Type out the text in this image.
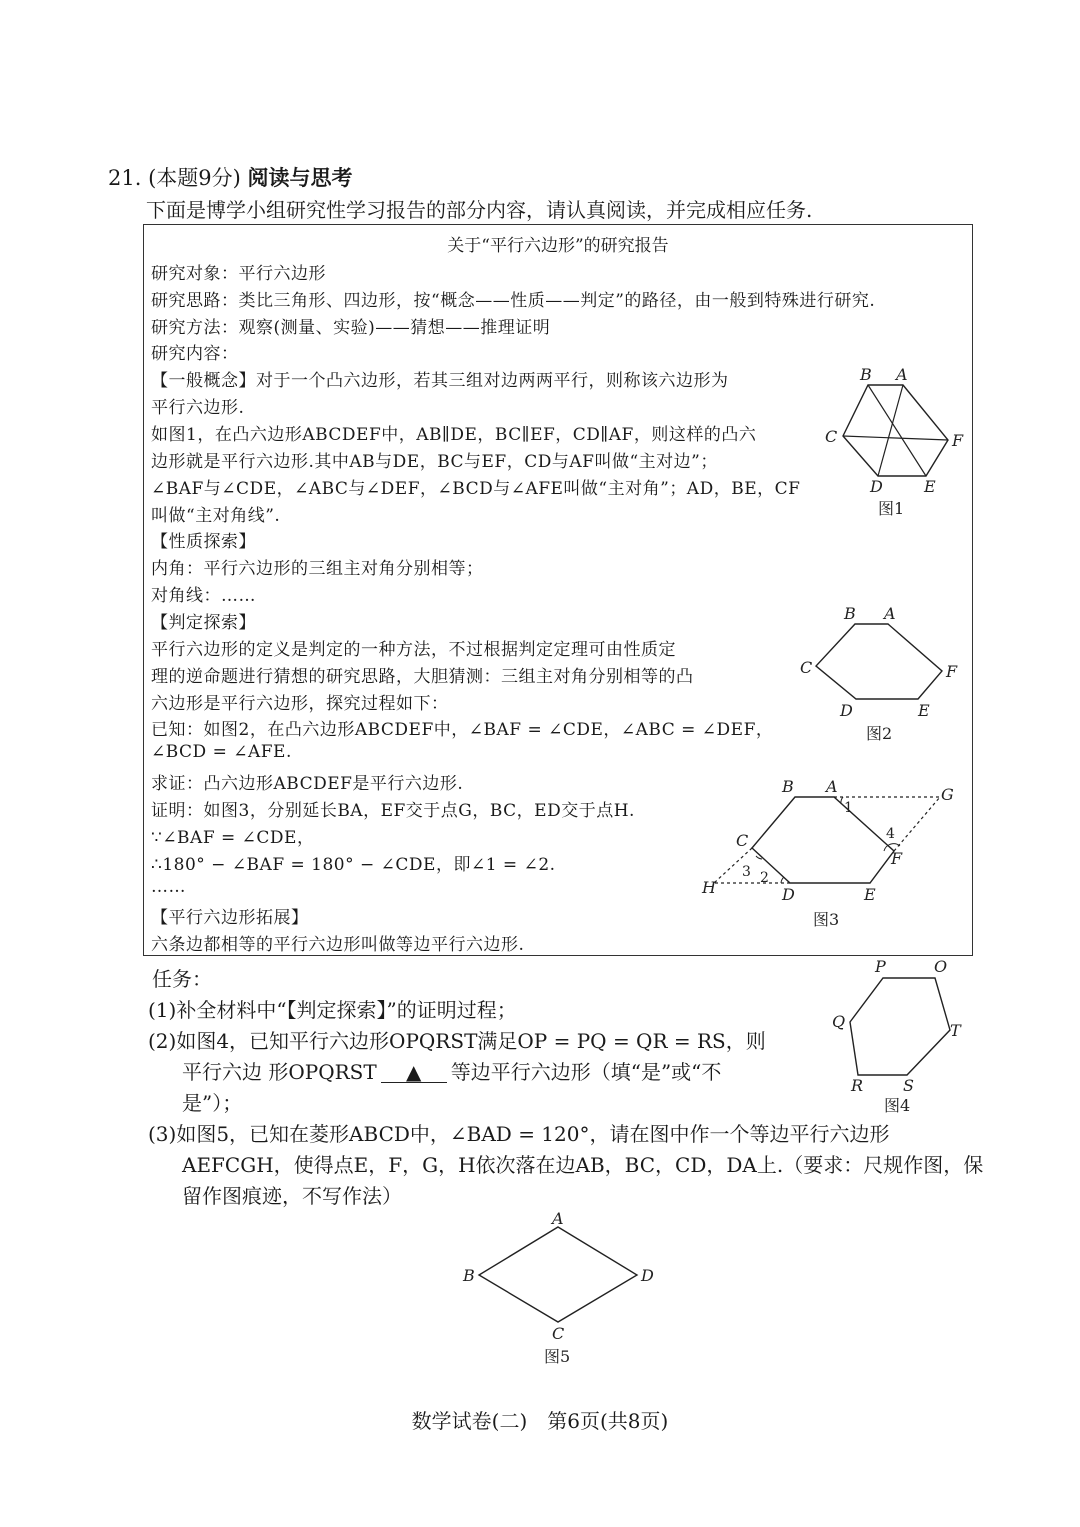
21. (本题9分) 阅读与思考
下面是博学小组研究性学习报告的部分内容，请认真阅读，并完成相应任务.
关于“平行六边形”的研究报告
研究对象：平行六边形
研究思路：类比三角形、四边形，按“概念——性质——判定”的路径，由一般到特殊进行研究.
研究方法：观察(测量、实验)——猜想——推理证明
研究内容：
【一般概念】对于一个凸六边形，若其三组对边两两平行，则称该六边形为
平行六边形.
如图1，在凸六边形ABCDEF中，AB∥DE，BC∥EF，CD∥AF，则这样的凸六
边形就是平行六边形.其中AB与DE，BC与EF，CD与AF叫做“主对边”；
∠BAF与∠CDE，∠ABC与∠DEF，∠BCD与∠AFE叫做“主对角”；AD，BE，CF
叫做“主对角线”.
【性质探索】
内角：平行六边形的三组主对角分别相等；
对角线：……
【判定探索】
平行六边形的定义是判定的一种方法，不过根据判定定理可由性质定
理的逆命题进行猜想的研究思路，大胆猜测：三组主对角分别相等的凸
六边形是平行六边形，探究过程如下：
已知：如图2，在凸六边形ABCDEF中，∠BAF = ∠CDE，∠ABC = ∠DEF，
∠BCD = ∠AFE.
求证：凸六边形ABCDEF是平行六边形.
证明：如图3，分别延长BA，EF交于点G，BC，ED交于点H.
∵∠BAF = ∠CDE，
∴180° − ∠BAF = 180° − ∠CDE，即∠1 = ∠2.
……
【平行六边形拓展】
六条边都相等的平行六边形叫做等边平行六边形.
B A
C	F
D	E
图1
B A
C	F
D	E
图2
B A	G
C
F
H	D	E
1
4
3 2
图3
P	O
Q	T
R S
图4
A
B	D
C
图5
任务：
(1)补全材料中“【判定探索】”的证明过程；
(2)如图4，已知平行六边形OPQRST满足OP = PQ = QR = RS，则
平行六边 形OPQRST ▲ 等边平行六边形（填“是”或“不
是”）；
(3)如图5，已知在菱形ABCD中，∠BAD = 120°，请在图中作一个等边平行六边形
AEFCGH，使得点E，F，G，H依次落在边AB，BC，CD，DA上.（要求：尺规作图，保
留作图痕迹，不写作法）
数学试卷(二)　第6页(共8页)
